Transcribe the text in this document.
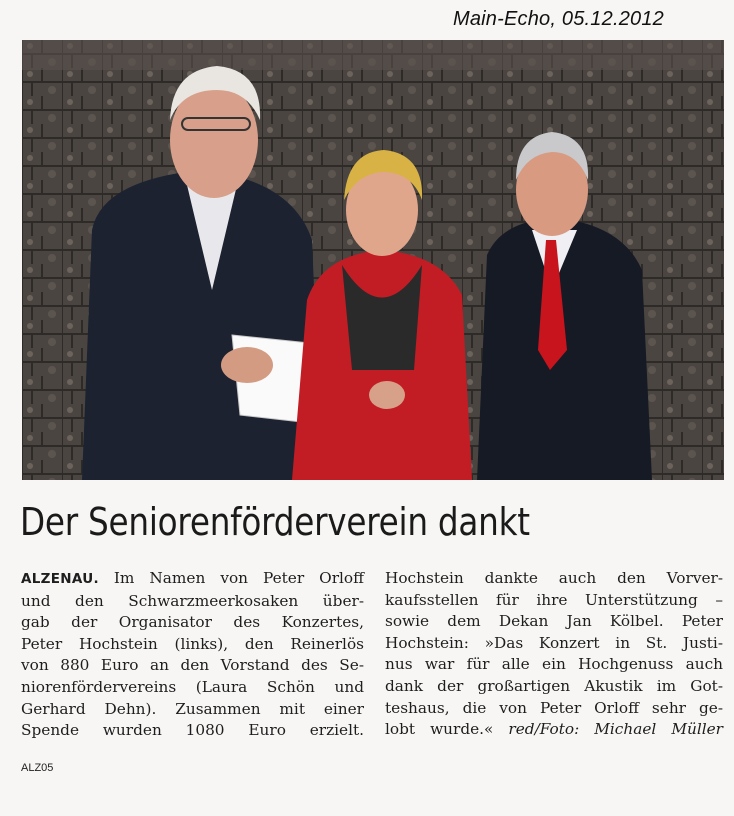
Main-Echo, 05.12.2012
Der Seniorenförderverein dankt
ALZENAU. Im Namen von Peter Orloff
und den Schwarzmeerkosaken über-
gab der Organisator des Konzertes,
Peter Hochstein (links), den Reinerlös
von 880 Euro an den Vorstand des Se-
niorenfördervereins (Laura Schön und
Gerhard Dehn). Zusammen mit einer
Spende wurden 1080 Euro erzielt.
Hochstein dankte auch den Vorver-
kaufsstellen für ihre Unterstützung –
sowie dem Dekan Jan Kölbel. Peter
Hochstein: »Das Konzert in St. Justi-
nus war für alle ein Hochgenuss auch
dank der großartigen Akustik im Got-
teshaus, die von Peter Orloff sehr ge-
lobt wurde.« red/Foto: Michael Müller
ALZ05
